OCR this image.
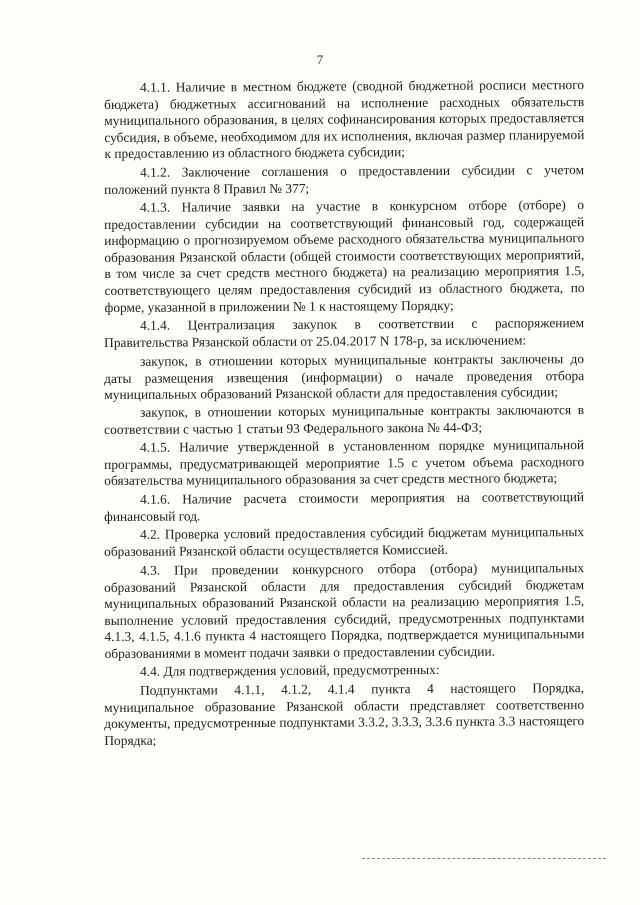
7

4.1.1. Наличие в местном бюджете (сводной бюджетной росписи местного бюджета) бюджетных ассигнований на исполнение расходных обязательств муниципального образования, в целях софинансирования которых предоставляется субсидия, в объеме, необходимом для их исполнения, включая размер планируемой к предоставлению из областного бюджета субсидии;

4.1.2. Заключение соглашения о предоставлении субсидии с учетом положений пункта 8 Правил № 377;

4.1.3. Наличие заявки на участие в конкурсном отборе (отборе) о предоставлении субсидии на соответствующий финансовый год, содержащей информацию о прогнозируемом объеме расходного обязательства муниципального образования Рязанской области (общей стоимости соответствующих мероприятий, в том числе за счет средств местного бюджета) на реализацию мероприятия 1.5, соответствующего целям предоставления субсидий из областного бюджета, по форме, указанной в приложении № 1 к настоящему Порядку;

4.1.4. Централизация закупок в соответствии с распоряжением Правительства Рязанской области от 25.04.2017 N 178-р, за исключением:

закупок, в отношении которых муниципальные контракты заключены до даты размещения извещения (информации) о начале проведения отбора муниципальных образований Рязанской области для предоставления субсидии;

закупок, в отношении которых муниципальные контракты заключаются в соответствии с частью 1 статьи 93 Федерального закона № 44-ФЗ;

4.1.5. Наличие утвержденной в установленном порядке муниципальной программы, предусматривающей мероприятие 1.5 с учетом объема расходного обязательства муниципального образования за счет средств местного бюджета;

4.1.6. Наличие расчета стоимости мероприятия на соответствующий финансовый год.

4.2. Проверка условий предоставления субсидий бюджетам муниципальных образований Рязанской области осуществляется Комиссией.

4.3. При проведении конкурсного отбора (отбора) муниципальных образований Рязанской области для предоставления субсидий бюджетам муниципальных образований Рязанской области на реализацию мероприятия 1.5, выполнение условий предоставления субсидий, предусмотренных подпунктами 4.1.3, 4.1.5, 4.1.6 пункта 4 настоящего Порядка, подтверждается муниципальными образованиями в момент подачи заявки о предоставлении субсидии.

4.4. Для подтверждения условий, предусмотренных:

Подпунктами 4.1.1, 4.1.2, 4.1.4 пункта 4 настоящего Порядка, муниципальное образование Рязанской области представляет соответственно документы, предусмотренные подпунктами 3.3.2, 3.3.3, 3.3.6 пункта 3.3 настоящего Порядка;
